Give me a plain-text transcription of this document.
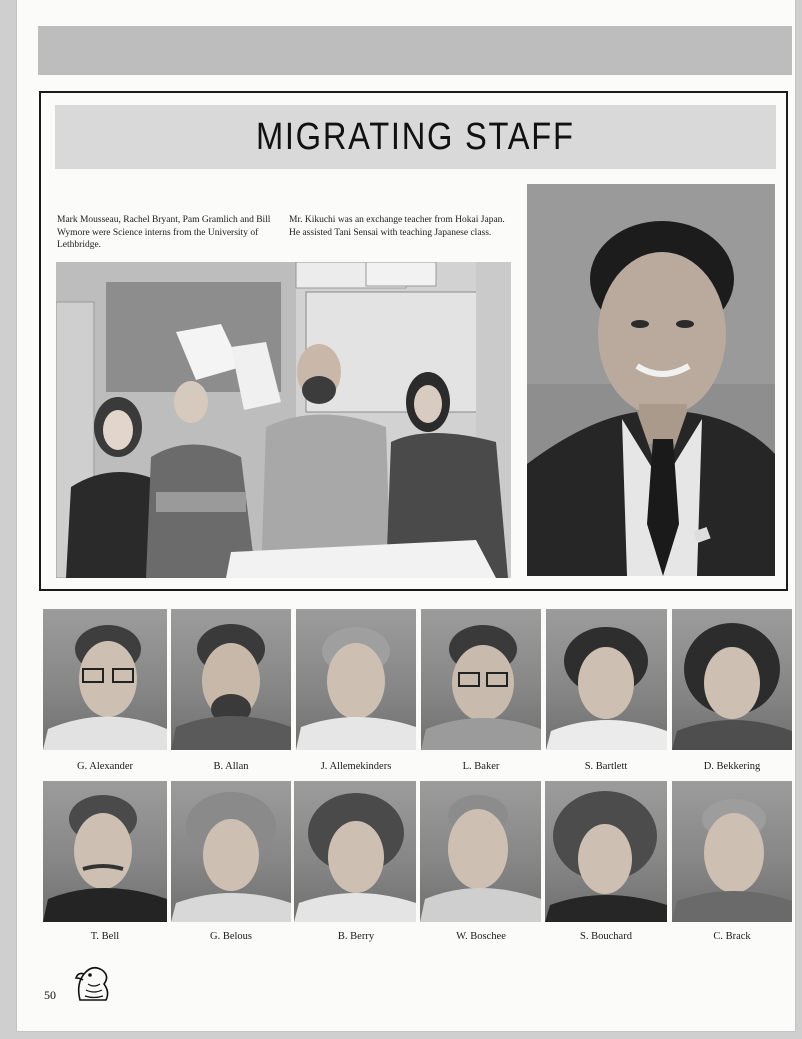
MIGRATING STAFF

Mark Mousseau, Rachel Bryant, Pam Gramlich and Bill Wymore were Science interns from the University of Lethbridge.

Mr. Kikuchi was an exchange teacher from Hokai Japan. He assisted Tani Sensai with teaching Japanese class.

G. Alexander	B. Allan	J. Allemekinders	L. Baker	S. Bartlett	D. Bekkering
T. Bell	G. Belous	B. Berry	W. Boschee	S. Bouchard	C. Brack
50
